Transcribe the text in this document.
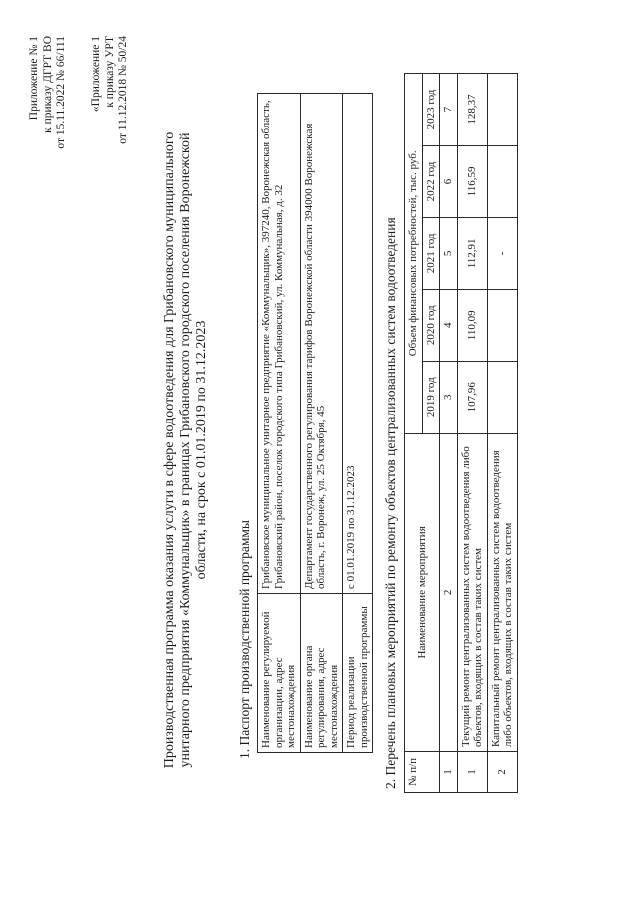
Приложение № 1 к приказу ДГРТ ВО от 15.11.2022 № 66/111 «Приложение 1 к приказу УРТ от 11.12.2018 № 50/24
Производственная программа оказания услуги в сфере водоотведения для Грибановского муниципального унитарного предприятия «Коммунальщик» в границах Грибановского городского поселения Воронежской области, на срок с 01.01.2019 по 31.12.2023
1. Паспорт производственной программы Наименование регулируемой организации, адрес местонахождения	Грибановское муниципальное унитарное предприятие «Коммунальщик», 397240, Воронежская область, Грибановский район, поселок городского типа Грибановский, ул. Коммунальная, д. 32
Наименование органа регулирования, адрес местонахождения	Департамент государственного регулирования тарифов Воронежской области 394000 Воронежская область, г. Воронеж, ул. 25 Октября, 45
Период реализации производственной программы	с 01.01.2019 по 31.12.2023 2. Перечень плановых мероприятий по ремонту объектов централизованных систем водоотведения № п/п	Наименование мероприятия	Объем финансовых потребностей, тыс. руб.				
		2019 год	2020 год	2021 год	2022 год	2023 год
1	2	3	4	5	6	7
1	Текущий ремонт централизованных систем водоотведения либо объектов, входящих в состав таких систем	107,96	110,09	112,91	116,59	128,37
2	Капитальный ремонт централизованных систем водоотведения либо объектов, входящих в состав таких систем			-		
